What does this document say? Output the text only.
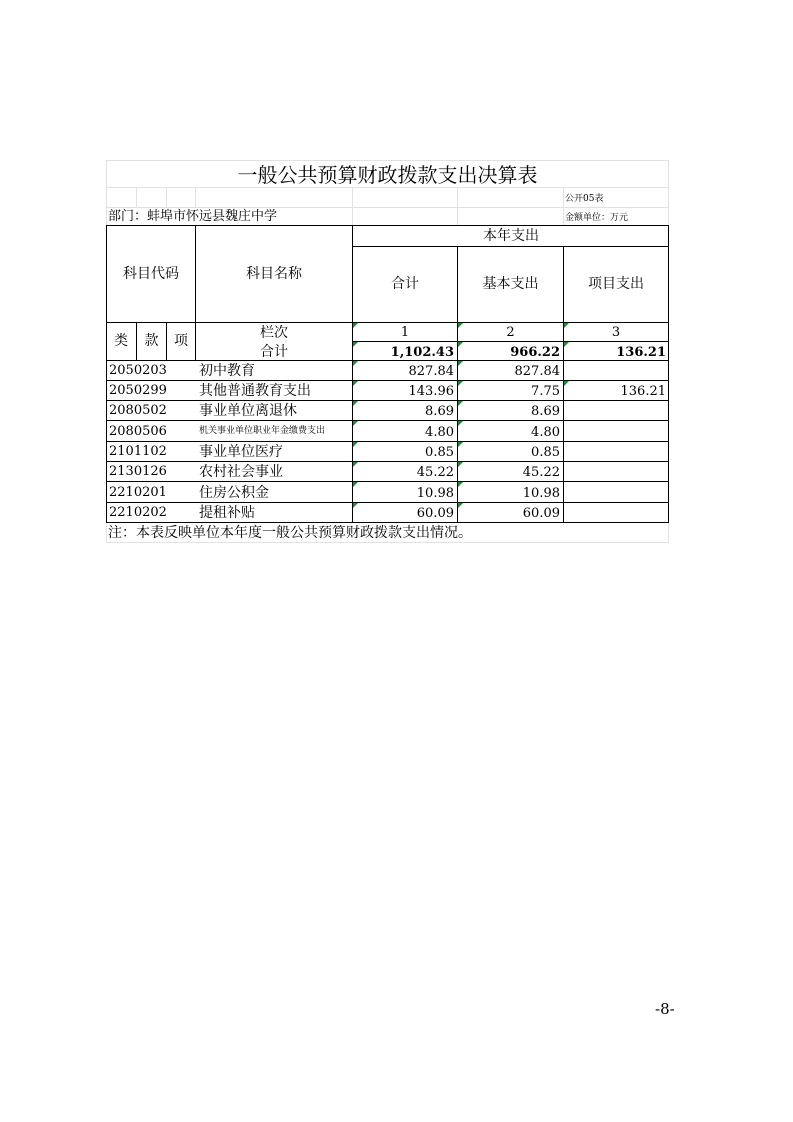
一般公共预算财政拨款支出决算表
公开05表
部门：蚌埠市怀远县魏庄中学	金额单位：万元
科目代码	科目名称
本年支出
合计	基本支出	项目支出
类	款	项	栏次	1	2	3
合计	1,102.43	966.22	136.21
2050203 初中教育	827.84	827.84
2050299 其他普通教育支出	143.96	7.75	136.21
2080502 事业单位离退休	8.69	8.69
2080506	机关事业单位职业年金缴费支出	4.80	4.80
2101102 事业单位医疗	0.85	0.85
2130126 农村社会事业	45.22	45.22
2210201 住房公积金	10.98	10.98
2210202 提租补贴	60.09	60.09
注：本表反映单位本年度一般公共预算财政拨款支出情况。
-8-
